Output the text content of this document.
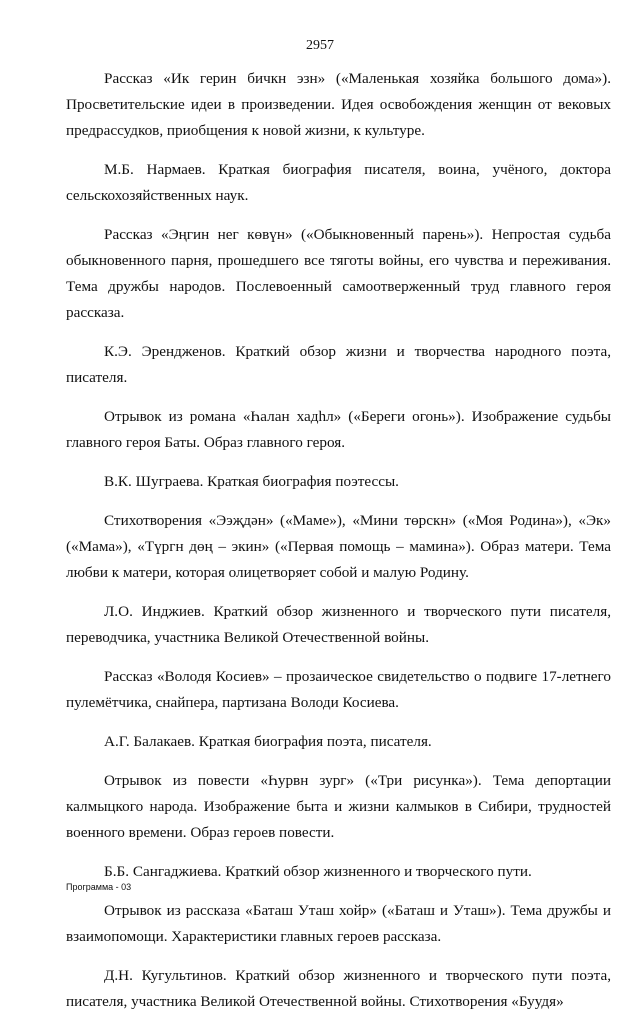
2957

Рассказ «Ик герин бичкн эзн» («Маленькая хозяйка большого дома»). Просветительские идеи в произведении. Идея освобождения женщин от вековых предрассудков, приобщения к новой жизни, к культуре.

М.Б. Нармаев. Краткая биография писателя, воина, учёного, доктора сельскохозяйственных наук.

Рассказ «Эңгин нег көвүн» («Обыкновенный парень»). Непростая судьба обыкновенного парня, прошедшего все тяготы войны, его чувства и переживания. Тема дружбы народов. Послевоенный самоотверженный труд главного героя рассказа.

К.Э. Эрендженов. Краткий обзор жизни и творчества народного поэта, писателя.

Отрывок из романа «Һалан хадһл» («Береги огонь»). Изображение судьбы главного героя Баты. Образ главного героя.

В.К. Шуграева. Краткая биография поэтессы.

Стихотворения «Ээҗдән» («Маме»), «Мини төрскн» («Моя Родина»), «Эк» («Мама»), «Түргн дөң – экин» («Первая помощь – мамина»). Образ матери. Тема любви к матери, которая олицетворяет собой и малую Родину.

Л.О. Инджиев. Краткий обзор жизненного и творческого пути писателя, переводчика, участника Великой Отечественной войны.

Рассказ «Володя Косиев» – прозаическое свидетельство о подвиге 17-летнего пулемётчика, снайпера, партизана Володи Косиева.

А.Г. Балакаев. Краткая биография поэта, писателя.

Отрывок из повести «Һурвн зург» («Три рисунка»). Тема депортации калмыцкого народа. Изображение быта и жизни калмыков в Сибири, трудностей военного времени. Образ героев повести.

Б.Б. Сангаджиева. Краткий обзор жизненного и творческого пути.

Отрывок из рассказа «Баташ Уташ хойр» («Баташ и Уташ»). Тема дружбы и взаимопомощи. Характеристики главных героев рассказа.

Д.Н. Кугультинов. Краткий обзор жизненного и творческого пути поэта, писателя, участника Великой Отечественной войны. Стихотворения «Буудя»

Программа - 03
